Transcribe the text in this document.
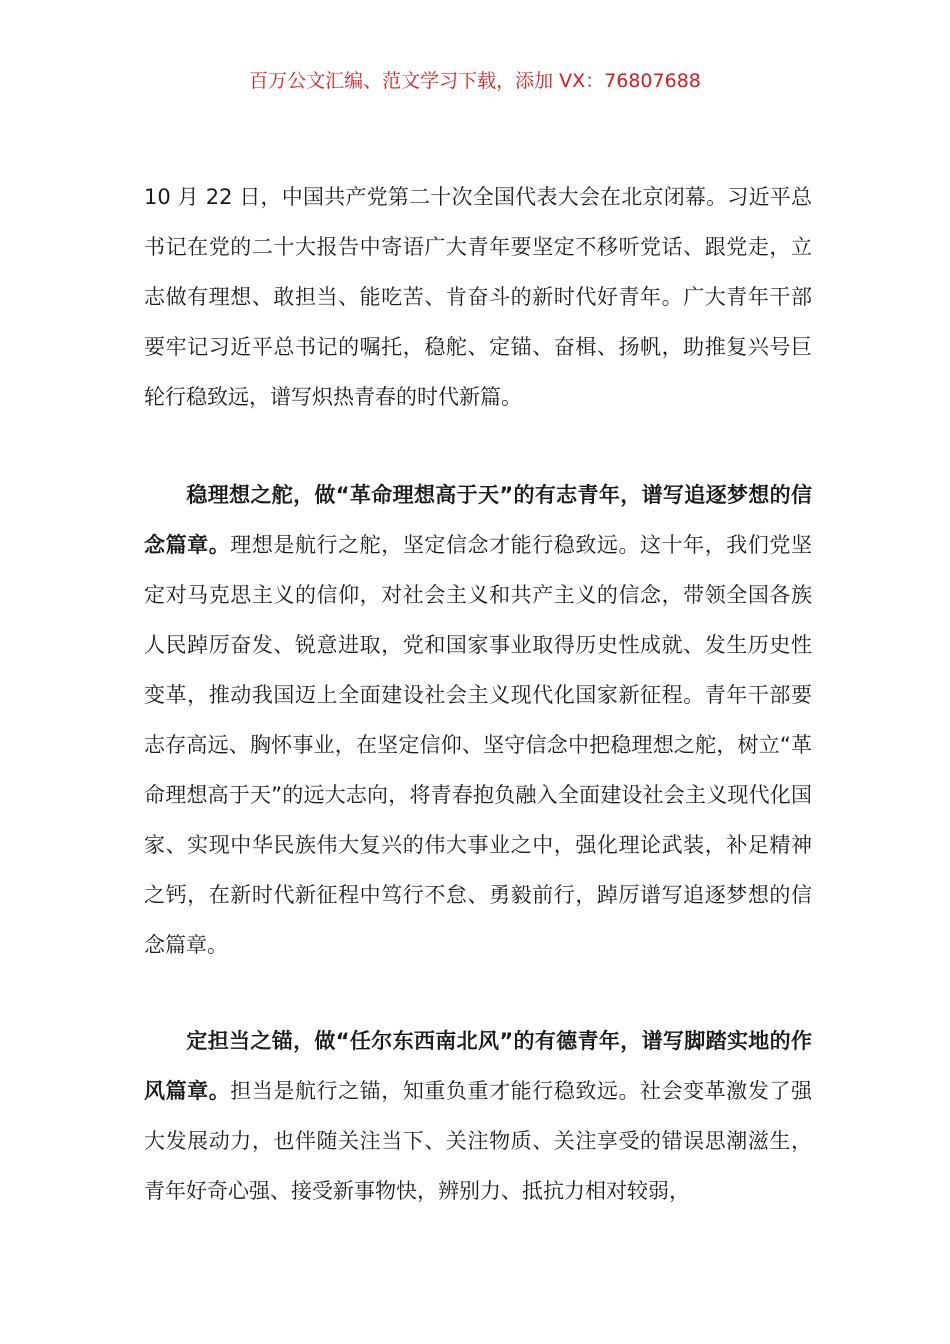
百万公文汇编、范文学习下载，添加 VX：76807688

10 月 22 日，中国共产党第二十次全国代表大会在北京闭幕。习近平总书记在党的二十大报告中寄语广大青年要坚定不移听党话、跟党走，立志做有理想、敢担当、能吃苦、肯奋斗的新时代好青年。广大青年干部要牢记习近平总书记的嘱托，稳舵、定锚、奋楫、扬帆，助推复兴号巨轮行稳致远，谱写炽热青春的时代新篇。

稳理想之舵，做“革命理想高于天”的有志青年，谱写追逐梦想的信念篇章。理想是航行之舵，坚定信念才能行稳致远。这十年，我们党坚定对马克思主义的信仰，对社会主义和共产主义的信念，带领全国各族人民踔厉奋发、锐意进取，党和国家事业取得历史性成就、发生历史性变革，推动我国迈上全面建设社会主义现代化国家新征程。青年干部要志存高远、胸怀事业，在坚定信仰、坚守信念中把稳理想之舵，树立“革命理想高于天”的远大志向，将青春抱负融入全面建设社会主义现代化国家、实现中华民族伟大复兴的伟大事业之中，强化理论武装，补足精神之钙，在新时代新征程中笃行不怠、勇毅前行，踔厉谱写追逐梦想的信念篇章。

定担当之锚，做“任尔东西南北风”的有德青年，谱写脚踏实地的作风篇章。担当是航行之锚，知重负重才能行稳致远。社会变革激发了强大发展动力，也伴随关注当下、关注物质、关注享受的错误思潮滋生，青年好奇心强、接受新事物快，辨别力、抵抗力相对较弱，
